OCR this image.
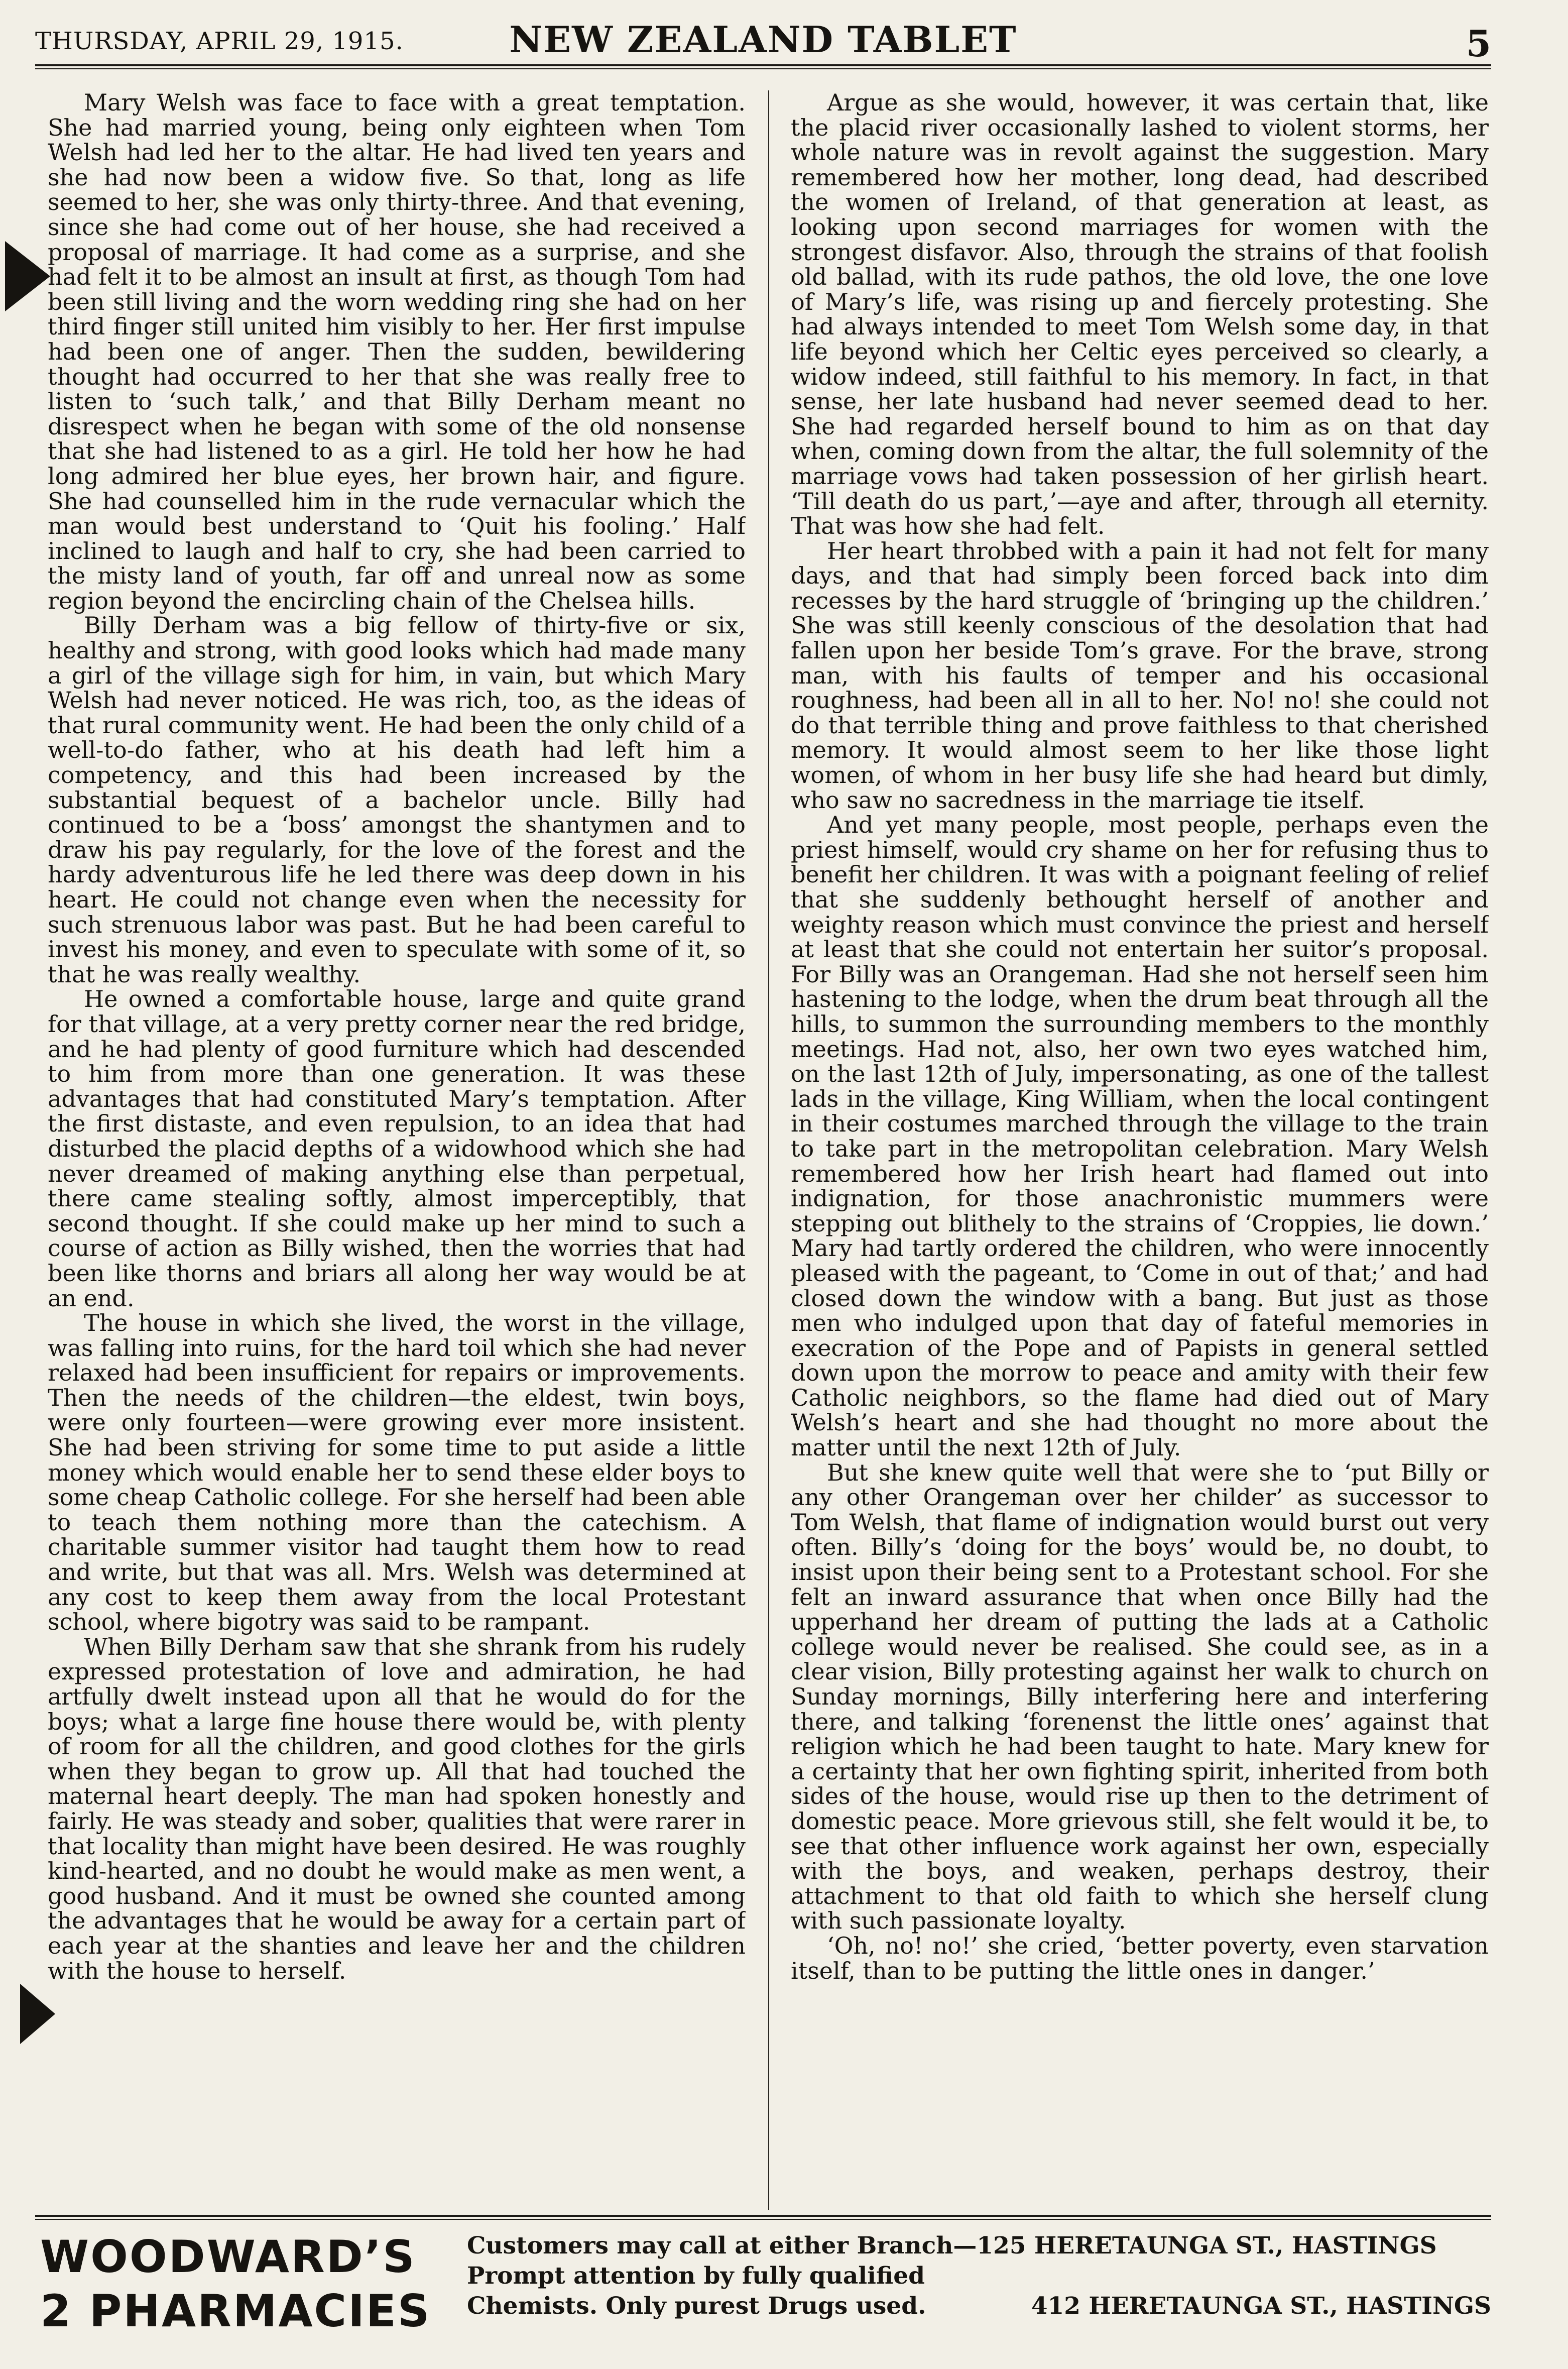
THURSDAY, APRIL 29, 1915.	NEW ZEALAND TABLET	5

Mary Welsh was face to face with a great temptation. She had married young, being only eighteen when Tom Welsh had led her to the altar. He had lived ten years and she had now been a widow five. So that, long as life seemed to her, she was only thirty-three. And that evening, since she had come out of her house, she had received a proposal of marriage. It had come as a surprise, and she had felt it to be almost an insult at first, as though Tom had been still living and the worn wedding ring she had on her third finger still united him visibly to her. Her first impulse had been one of anger. Then the sudden, bewildering thought had occurred to her that she was really free to listen to ‘such talk,’ and that Billy Derham meant no disrespect when he began with some of the old nonsense that she had listened to as a girl. He told her how he had long admired her blue eyes, her brown hair, and figure. She had counselled him in the rude vernacular which the man would best understand to ‘Quit his fooling.’ Half inclined to laugh and half to cry, she had been carried to the misty land of youth, far off and unreal now as some region beyond the encircling chain of the Chelsea hills.

Billy Derham was a big fellow of thirty-five or six, healthy and strong, with good looks which had made many a girl of the village sigh for him, in vain, but which Mary Welsh had never noticed. He was rich, too, as the ideas of that rural community went. He had been the only child of a well-to-do father, who at his death had left him a competency, and this had been increased by the substantial bequest of a bachelor uncle. Billy had continued to be a ‘boss’ amongst the shantymen and to draw his pay regularly, for the love of the forest and the hardy adventurous life he led there was deep down in his heart. He could not change even when the necessity for such strenuous labor was past. But he had been careful to invest his money, and even to speculate with some of it, so that he was really wealthy.

He owned a comfortable house, large and quite grand for that village, at a very pretty corner near the red bridge, and he had plenty of good furniture which had descended to him from more than one generation. It was these advantages that had constituted Mary’s temptation. After the first distaste, and even repulsion, to an idea that had disturbed the placid depths of a widowhood which she had never dreamed of making anything else than perpetual, there came stealing softly, almost imperceptibly, that second thought. If she could make up her mind to such a course of action as Billy wished, then the worries that had been like thorns and briars all along her way would be at an end.

The house in which she lived, the worst in the village, was falling into ruins, for the hard toil which she had never relaxed had been insufficient for repairs or improvements. Then the needs of the children—the eldest, twin boys, were only fourteen—were growing ever more insistent. She had been striving for some time to put aside a little money which would enable her to send these elder boys to some cheap Catholic college. For she herself had been able to teach them nothing more than the catechism. A charitable summer visitor had taught them how to read and write, but that was all. Mrs. Welsh was determined at any cost to keep them away from the local Protestant school, where bigotry was said to be rampant.

When Billy Derham saw that she shrank from his rudely expressed protestation of love and admiration, he had artfully dwelt instead upon all that he would do for the boys; what a large fine house there would be, with plenty of room for all the children, and good clothes for the girls when they began to grow up. All that had touched the maternal heart deeply. The man had spoken honestly and fairly. He was steady and sober, qualities that were rarer in that locality than might have been desired. He was roughly kind-hearted, and no doubt he would make as men went, a good husband. And it must be owned she counted among the advantages that he would be away for a certain part of each year at the shanties and leave her and the children with the house to herself.

Argue as she would, however, it was certain that, like the placid river occasionally lashed to violent storms, her whole nature was in revolt against the suggestion. Mary remembered how her mother, long dead, had described the women of Ireland, of that generation at least, as looking upon second marriages for women with the strongest disfavor. Also, through the strains of that foolish old ballad, with its rude pathos, the old love, the one love of Mary’s life, was rising up and fiercely protesting. She had always intended to meet Tom Welsh some day, in that life beyond which her Celtic eyes perceived so clearly, a widow indeed, still faithful to his memory. In fact, in that sense, her late husband had never seemed dead to her. She had regarded herself bound to him as on that day when, coming down from the altar, the full solemnity of the marriage vows had taken possession of her girlish heart. ‘Till death do us part,’—aye and after, through all eternity. That was how she had felt.

Her heart throbbed with a pain it had not felt for many days, and that had simply been forced back into dim recesses by the hard struggle of ‘bringing up the children.’ She was still keenly conscious of the desolation that had fallen upon her beside Tom’s grave. For the brave, strong man, with his faults of temper and his occasional roughness, had been all in all to her. No! no! she could not do that terrible thing and prove faithless to that cherished memory. It would almost seem to her like those light women, of whom in her busy life she had heard but dimly, who saw no sacredness in the marriage tie itself.

And yet many people, most people, perhaps even the priest himself, would cry shame on her for refusing thus to benefit her children. It was with a poignant feeling of relief that she suddenly bethought herself of another and weighty reason which must convince the priest and herself at least that she could not entertain her suitor’s proposal. For Billy was an Orangeman. Had she not herself seen him hastening to the lodge, when the drum beat through all the hills, to summon the surrounding members to the monthly meetings. Had not, also, her own two eyes watched him, on the last 12th of July, impersonating, as one of the tallest lads in the village, King William, when the local contingent in their costumes marched through the village to the train to take part in the metropolitan celebration. Mary Welsh remembered how her Irish heart had flamed out into indignation, for those anachronistic mummers were stepping out blithely to the strains of ‘Croppies, lie down.’ Mary had tartly ordered the children, who were innocently pleased with the pageant, to ‘Come in out of that;’ and had closed down the window with a bang. But just as those men who indulged upon that day of fateful memories in execration of the Pope and of Papists in general settled down upon the morrow to peace and amity with their few Catholic neighbors, so the flame had died out of Mary Welsh’s heart and she had thought no more about the matter until the next 12th of July.

But she knew quite well that were she to ‘put Billy or any other Orangeman over her childer’ as successor to Tom Welsh, that flame of indignation would burst out very often. Billy’s ‘doing for the boys’ would be, no doubt, to insist upon their being sent to a Protestant school. For she felt an inward assurance that when once Billy had the upperhand her dream of putting the lads at a Catholic college would never be realised. She could see, as in a clear vision, Billy protesting against her walk to church on Sunday mornings, Billy interfering here and interfering there, and talking ‘forenenst the little ones’ against that religion which he had been taught to hate. Mary knew for a certainty that her own fighting spirit, inherited from both sides of the house, would rise up then to the detriment of domestic peace. More grievous still, she felt would it be, to see that other influence work against her own, especially with the boys, and weaken, perhaps destroy, their attachment to that old faith to which she herself clung with such passionate loyalty.

‘Oh, no! no!’ she cried, ‘better poverty, even starvation itself, than to be putting the little ones in danger.’

WOODWARD’S
2 PHARMACIES
Customers may call at either Branch—125 HERETAUNGA ST., HASTINGS
Prompt attention by fully qualified
Chemists. Only purest Drugs used.	412 HERETAUNGA ST., HASTINGS
